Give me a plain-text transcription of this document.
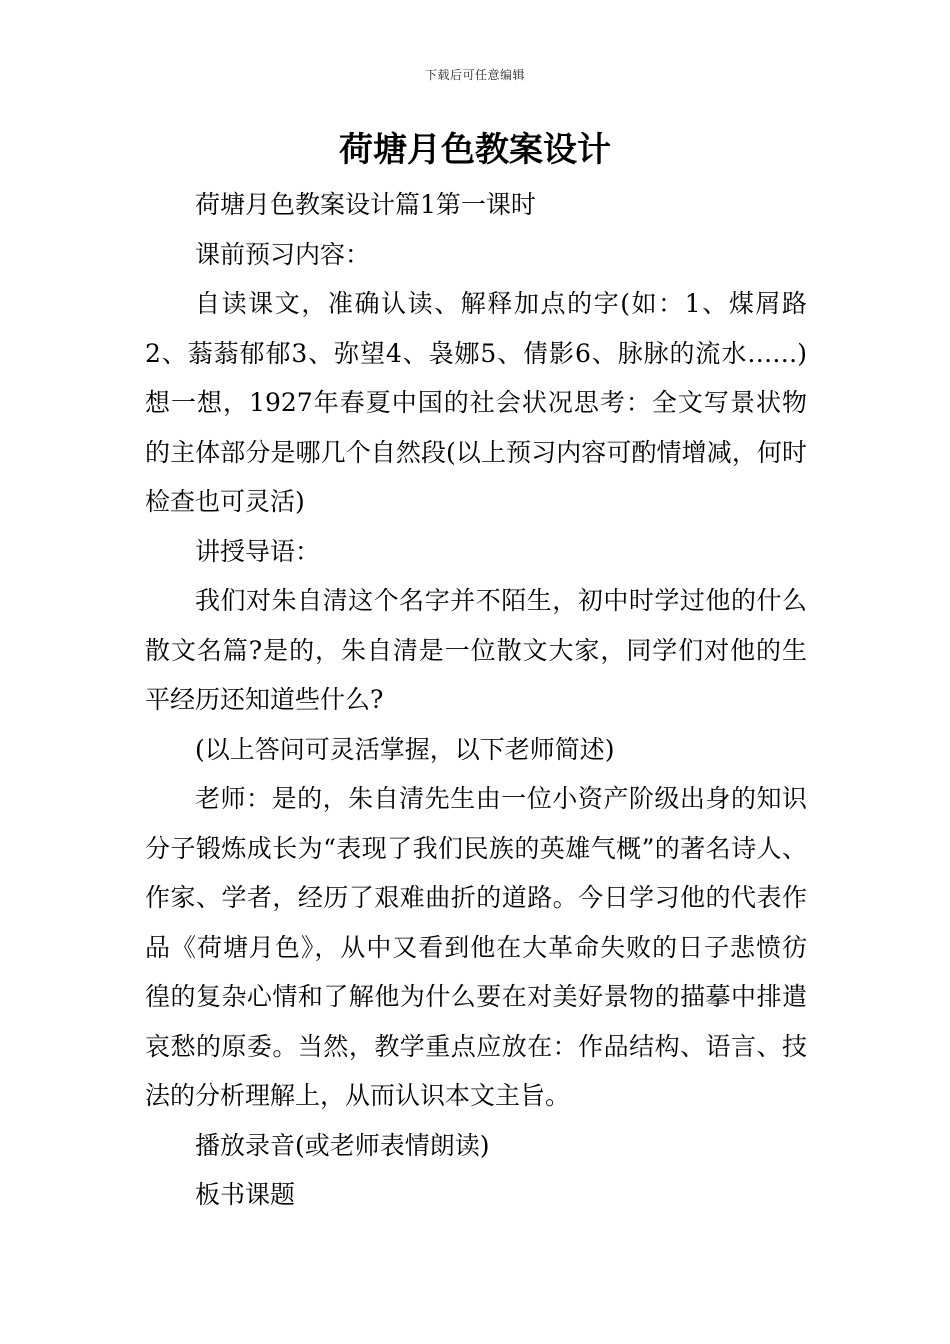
下载后可任意编辑
荷塘月色教案设计

荷塘月色教案设计篇1第一课时

课前预习内容：

自读课文，准确认读、解释加点的字(如：1、煤屑路2、蓊蓊郁郁3、弥望4、袅娜5、倩影6、脉脉的流水……)想一想，1927年春夏中国的社会状况思考：全文写景状物的主体部分是哪几个自然段(以上预习内容可酌情增减，何时检查也可灵活)

讲授导语：

我们对朱自清这个名字并不陌生，初中时学过他的什么散文名篇?是的，朱自清是一位散文大家，同学们对他的生平经历还知道些什么?

(以上答问可灵活掌握，以下老师简述)

老师：是的，朱自清先生由一位小资产阶级出身的知识分子锻炼成长为“表现了我们民族的英雄气概”的著名诗人、作家、学者，经历了艰难曲折的道路。今日学习他的代表作品《荷塘月色》，从中又看到他在大革命失败的日子悲愤彷徨的复杂心情和了解他为什么要在对美好景物的描摹中排遣哀愁的原委。当然，教学重点应放在：作品结构、语言、技法的分析理解上，从而认识本文主旨。

播放录音(或老师表情朗读)

板书课题
